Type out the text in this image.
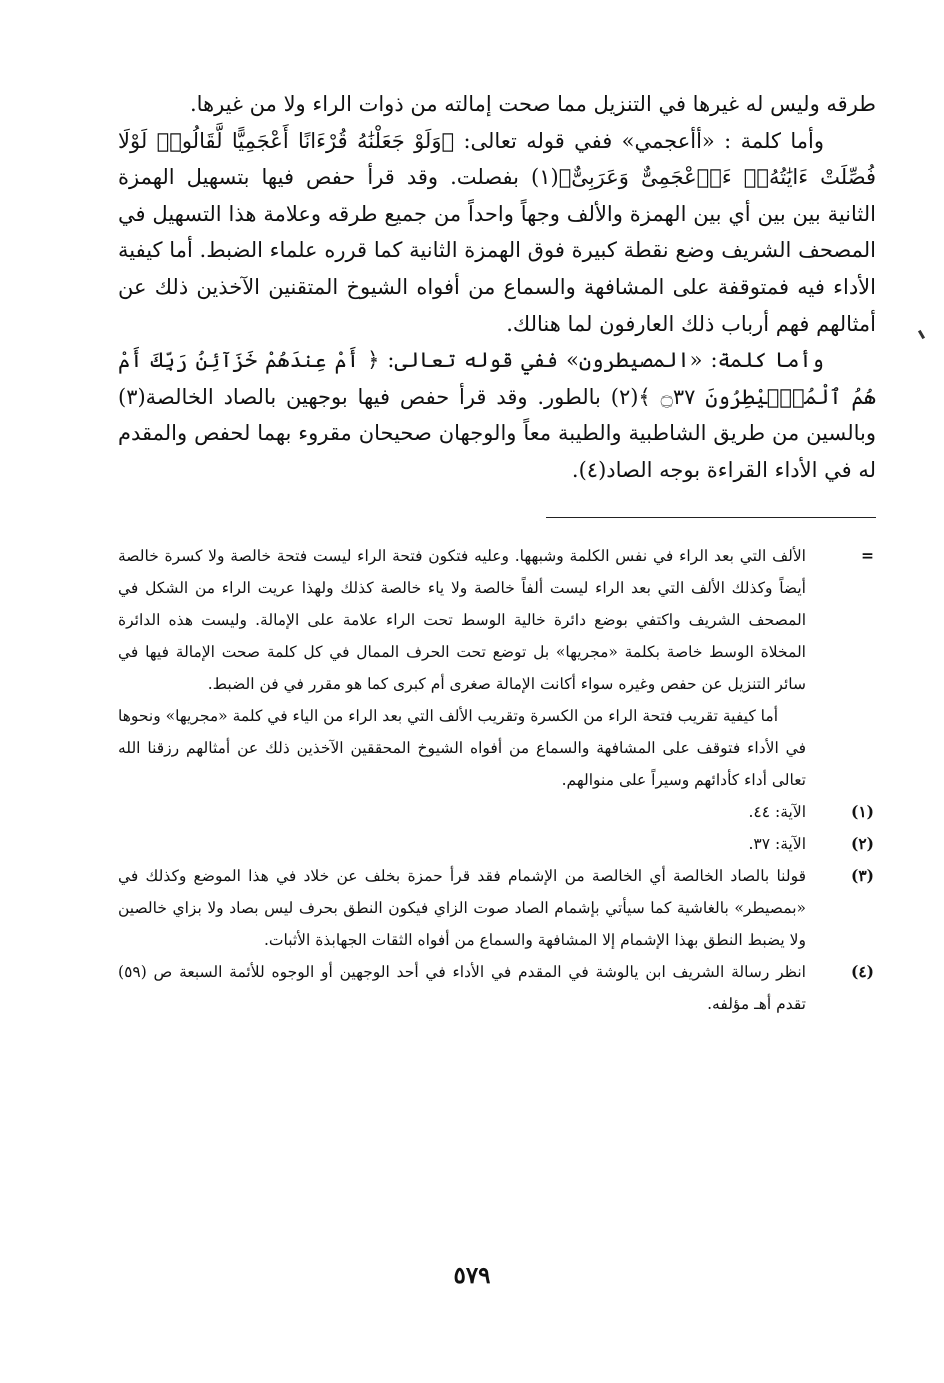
طرقه وليس له غيرها في التنزيل مما صحت إمالته من ذوات الراء ولا من غيرها.

وأما كلمة : «أأعجمي» ففي قوله تعالى: ﴿وَلَوْ جَعَلْنَٰهُ قُرْءَانًا أَعْجَمِيًّا لَّقَالُوا۟ لَوْلَا فُصِّلَتْ ءَايَٰتُهُۥٓ ءَا۬عْجَمِىٌّ وَعَرَبِىٌّ﴾(١) بفصلت. وقد قرأ حفص فيها بتسهيل الهمزة الثانية بين بين أي بين الهمزة والألف وجهاً واحداً من جميع طرقه وعلامة هذا التسهيل في المصحف الشريف وضع نقطة كبيرة فوق الهمزة الثانية كما قرره علماء الضبط. أما كيفية الأداء فيه فمتوقفة على المشافهة والسماع من أفواه الشيوخ المتقنين الآخذين ذلك عن أمثالهم فهم أرباب ذلك العارفون لما هنالك.

وأما كلمة: «المصيطرون» ففي قوله تعالى: ﴿ أَمْ عِندَهُمْ خَزَآئِنُ رَبِّكَ أَمْ هُمُ ٱلْمُصَۜيْطِرُونَ ۝٣٧ ﴾(٢) بالطور. وقد قرأ حفص فيها بوجهين بالصاد الخالصة(٣) وبالسين من طريق الشاطبية والطيبة معاً والوجهان صحيحان مقروء بهما لحفص والمقدم له في الأداء القراءة بوجه الصاد(٤).

=
الألف التي بعد الراء في نفس الكلمة وشبهها. وعليه فتكون فتحة الراء ليست فتحة خالصة ولا كسرة خالصة أيضاً وكذلك الألف التي بعد الراء ليست ألفاً خالصة ولا ياء خالصة كذلك ولهذا عريت الراء من الشكل في المصحف الشريف واكتفي بوضع دائرة خالية الوسط تحت الراء علامة على الإمالة. وليست هذه الدائرة المخلاة الوسط خاصة بكلمة «مجريها» بل توضع تحت الحرف الممال في كل كلمة صحت الإمالة فيها في سائر التنزيل عن حفص وغيره سواء أكانت الإمالة صغرى أم كبرى كما هو مقرر في فن الضبط.
أما كيفية تقريب فتحة الراء من الكسرة وتقريب الألف التي بعد الراء من الياء في كلمة «مجريها» ونحوها في الأداء فتوقف على المشافهة والسماع من أفواه الشيوخ المحققين الآخذين ذلك عن أمثالهم رزقنا الله تعالى أداء كأدائهم وسيراً على منوالهم.
(١)
الآية: ٤٤.
(٢)
الآية: ٣٧.
(٣)
قولنا بالصاد الخالصة أي الخالصة من الإشمام فقد قرأ حمزة بخلف عن خلاد في هذا الموضع وكذلك في «بمصيطر» بالغاشية كما سيأتي بإشمام الصاد صوت الزاي فيكون النطق بحرف ليس بصاد ولا بزاي خالصين ولا يضبط النطق بهذا الإشمام إلا المشافهة والسماع من أفواه الثقات الجهابذة الأثبات.
(٤)
انظر رسالة الشريف ابن يالوشة في المقدم في الأداء في أحد الوجهين أو الوجوه للأئمة السبعة ص (٥٩) تقدم أهـ مؤلفه.
٥٧٩
